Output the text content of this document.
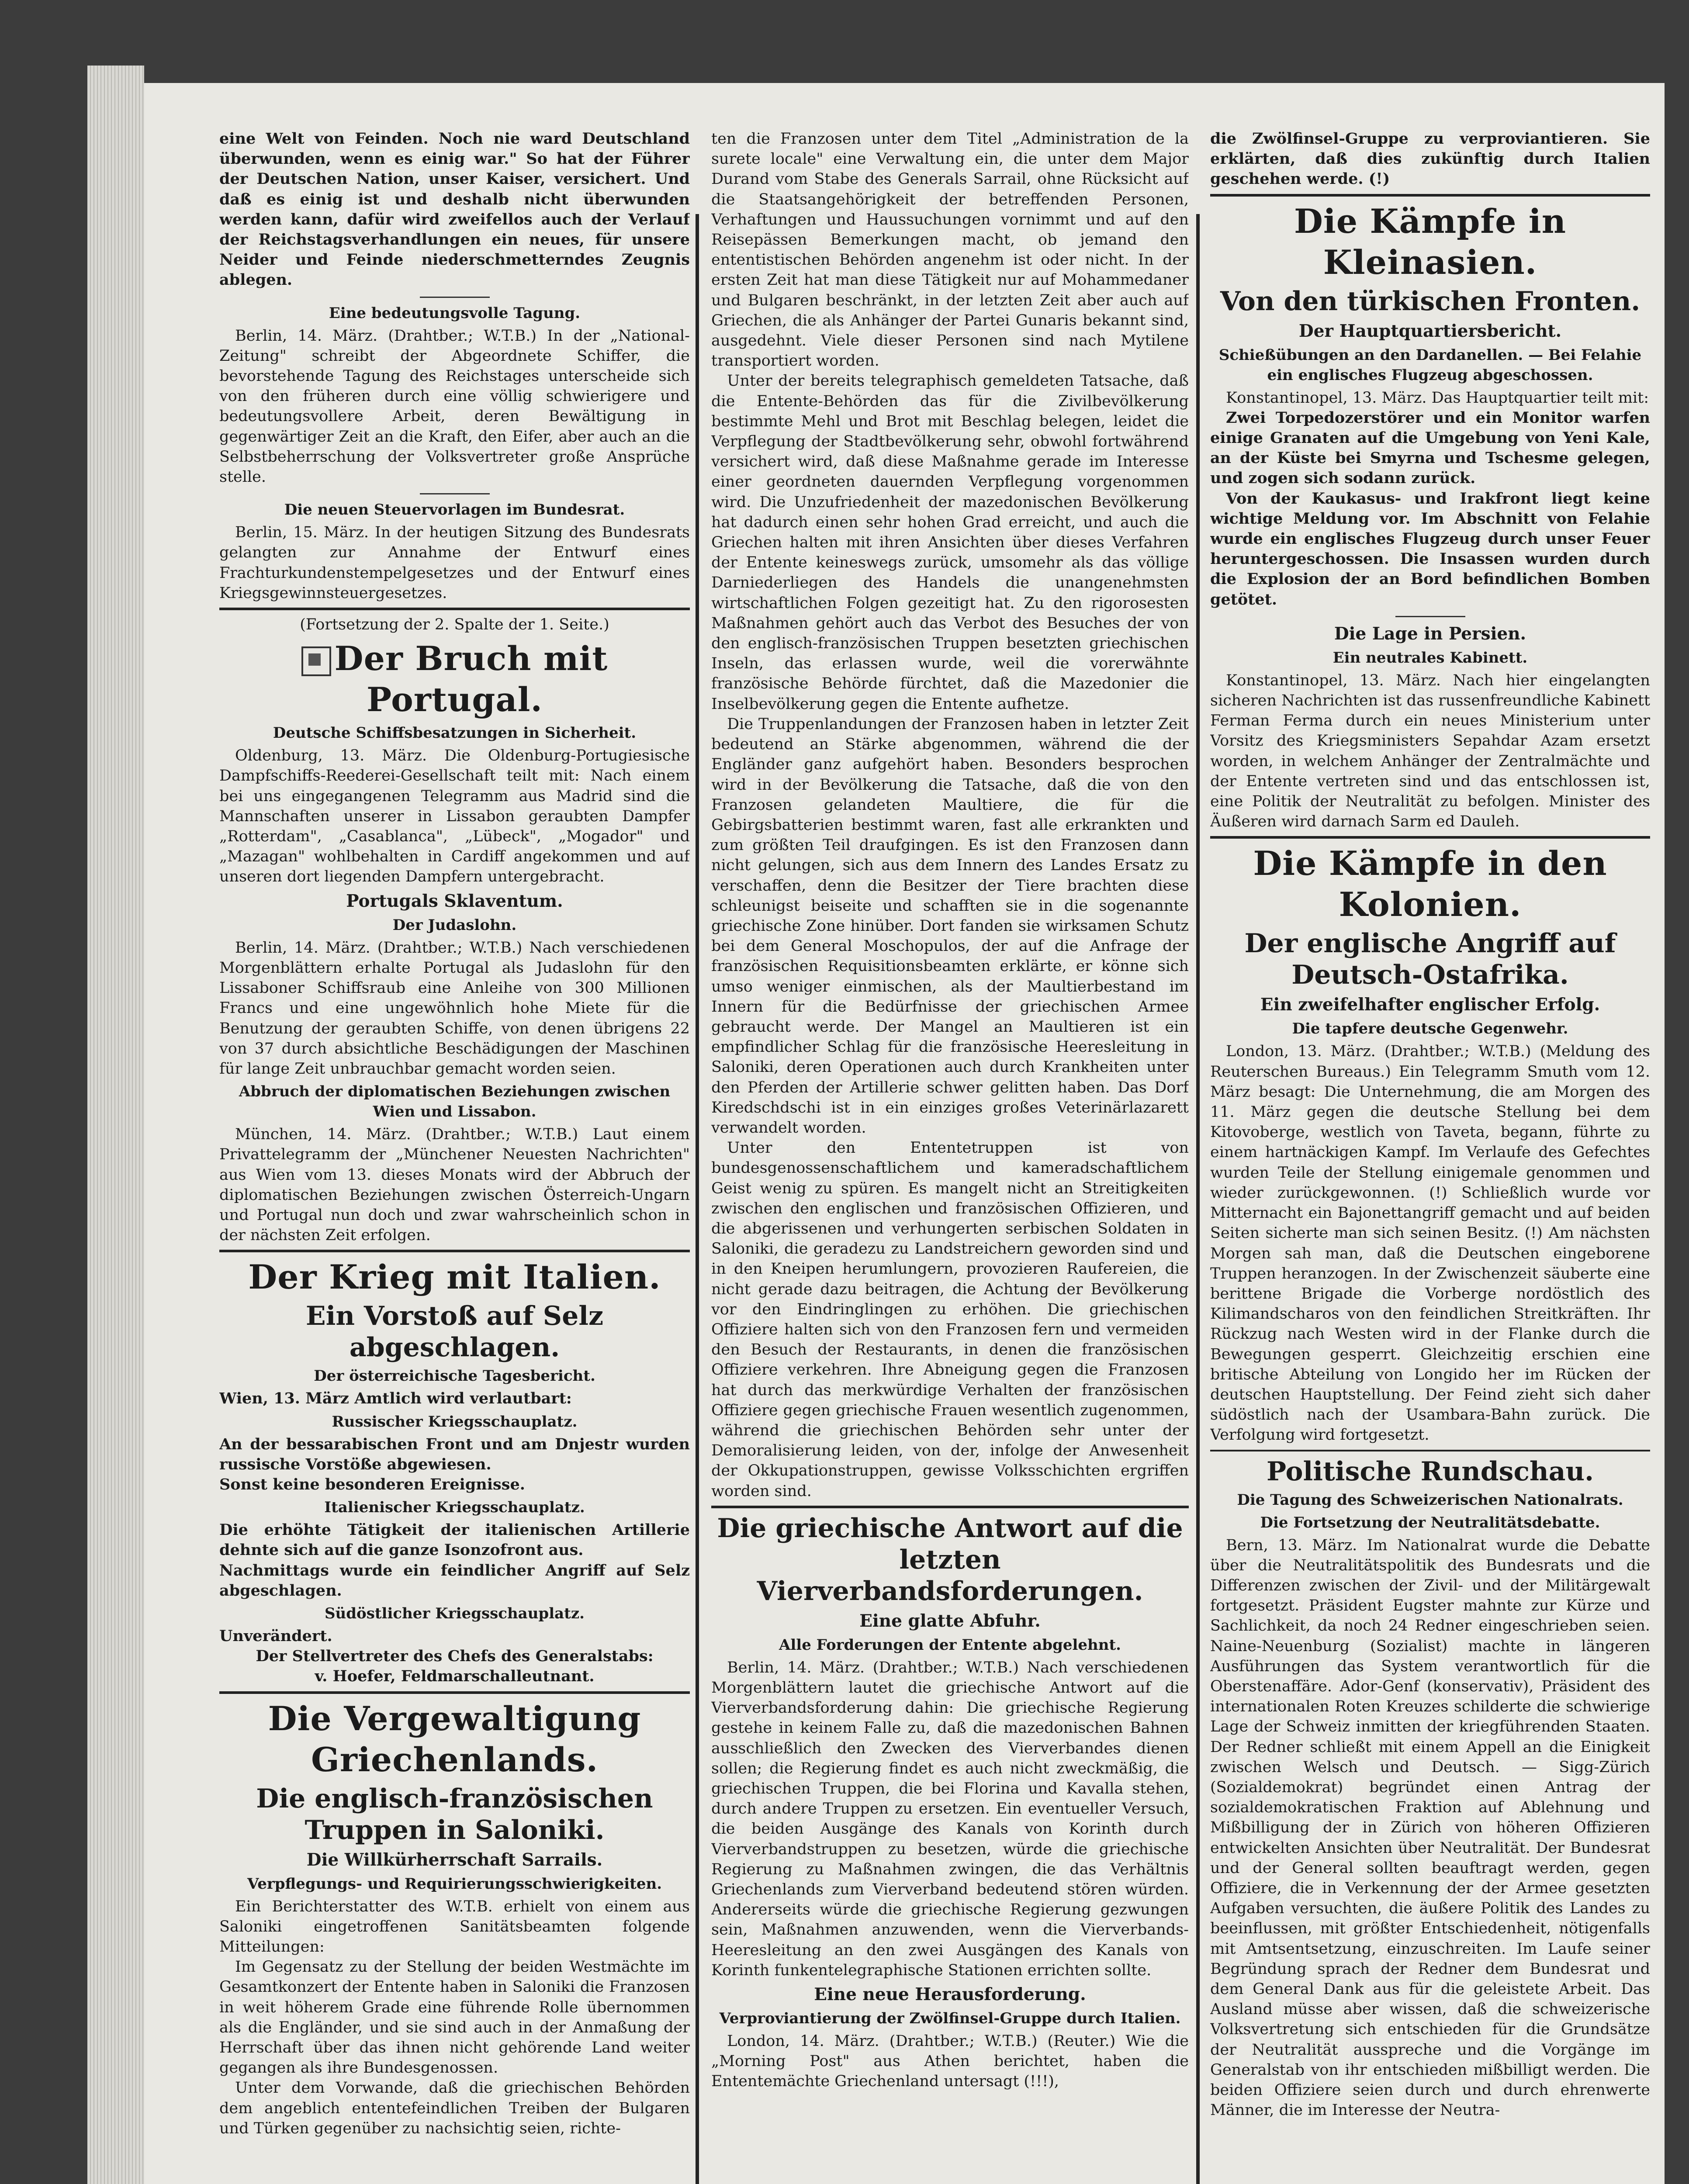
eine Welt von Feinden. Noch nie ward Deutschland überwunden, wenn es einig war." So hat der Führer der Deutschen Nation, unser Kaiser, versichert. Und daß es einig ist und deshalb nicht überwunden werden kann, dafür wird zweifellos auch der Verlauf der Reichstagsverhandlungen ein neues, für unsere Neider und Feinde niederschmetterndes Zeugnis ablegen.

Eine bedeutungsvolle Tagung.

Berlin, 14. März. (Drahtber.; W.T.B.) In der „National-Zeitung" schreibt der Abgeordnete Schiffer, die bevorstehende Tagung des Reichstages unterscheide sich von den früheren durch eine völlig schwierigere und bedeutungsvollere Arbeit, deren Bewältigung in gegenwärtiger Zeit an die Kraft, den Eifer, aber auch an die Selbstbeherrschung der Volksvertreter große Ansprüche stelle.

Die neuen Steuervorlagen im Bundesrat.

Berlin, 15. März. In der heutigen Sitzung des Bundesrats gelangten zur Annahme der Entwurf eines Frachturkundenstempelgesetzes und der Entwurf eines Kriegsgewinnsteuergesetzes.

(Fortsetzung der 2. Spalte der 1. Seite.)

Der Bruch mit Portugal.

Deutsche Schiffsbesatzungen in Sicherheit.

Oldenburg, 13. März. Die Oldenburg-Portugiesische Dampfschiffs-Reederei-Gesellschaft teilt mit: Nach einem bei uns eingegangenen Telegramm aus Madrid sind die Mannschaften unserer in Lissabon geraubten Dampfer „Rotterdam", „Casablanca", „Lübeck", „Mogador" und „Mazagan" wohlbehalten in Cardiff angekommen und auf unseren dort liegenden Dampfern untergebracht.

Portugals Sklaventum.

Der Judaslohn.

Berlin, 14. März. (Drahtber.; W.T.B.) Nach verschiedenen Morgenblättern erhalte Portugal als Judaslohn für den Lissaboner Schiffsraub eine Anleihe von 300 Millionen Francs und eine ungewöhnlich hohe Miete für die Benutzung der geraubten Schiffe, von denen übrigens 22 von 37 durch absichtliche Beschädigungen der Maschinen für lange Zeit unbrauchbar gemacht worden seien.

Abbruch der diplomatischen Beziehungen zwischen Wien und Lissabon.

München, 14. März. (Drahtber.; W.T.B.) Laut einem Privattelegramm der „Münchener Neuesten Nachrichten" aus Wien vom 13. dieses Monats wird der Abbruch der diplomatischen Beziehungen zwischen Österreich-Ungarn und Portugal nun doch und zwar wahrscheinlich schon in der nächsten Zeit erfolgen.

Der Krieg mit Italien.

Ein Vorstoß auf Selz abgeschlagen.

Der österreichische Tagesbericht.

Wien, 13. März Amtlich wird verlautbart:

Russischer Kriegsschauplatz.

An der bessarabischen Front und am Dnjestr wurden russische Vorstöße abgewiesen.

Sonst keine besonderen Ereignisse.

Italienischer Kriegsschauplatz.

Die erhöhte Tätigkeit der italienischen Artillerie dehnte sich auf die ganze Isonzofront aus.

Nachmittags wurde ein feindlicher Angriff auf Selz abgeschlagen.

Südöstlicher Kriegsschauplatz.

Unverändert.

Der Stellvertreter des Chefs des Generalstabs:

v. Hoefer, Feldmarschalleutnant.

Die Vergewaltigung Griechenlands.

Die englisch-französischen Truppen in Saloniki.

Die Willkürherrschaft Sarrails.

Verpflegungs- und Requirierungsschwierigkeiten.

Ein Berichterstatter des W.T.B. erhielt von einem aus Saloniki eingetroffenen Sanitätsbeamten folgende Mitteilungen:

Im Gegensatz zu der Stellung der beiden Westmächte im Gesamtkonzert der Entente haben in Saloniki die Franzosen in weit höherem Grade eine führende Rolle übernommen als die Engländer, und sie sind auch in der Anmaßung der Herrschaft über das ihnen nicht gehörende Land weiter gegangen als ihre Bundesgenossen.

Unter dem Vorwande, daß die griechischen Behörden dem angeblich ententefeindlichen Treiben der Bulgaren und Türken gegenüber zu nachsichtig seien, richte-

ten die Franzosen unter dem Titel „Administration de la surete locale" eine Verwaltung ein, die unter dem Major Durand vom Stabe des Generals Sarrail, ohne Rücksicht auf die Staatsangehörigkeit der betreffenden Personen, Verhaftungen und Haussuchungen vornimmt und auf den Reisepässen Bemerkungen macht, ob jemand den ententistischen Behörden angenehm ist oder nicht. In der ersten Zeit hat man diese Tätigkeit nur auf Mohammedaner und Bulgaren beschränkt, in der letzten Zeit aber auch auf Griechen, die als Anhänger der Partei Gunaris bekannt sind, ausgedehnt. Viele dieser Personen sind nach Mytilene transportiert worden.

Unter der bereits telegraphisch gemeldeten Tatsache, daß die Entente-Behörden das für die Zivilbevölkerung bestimmte Mehl und Brot mit Beschlag belegen, leidet die Verpflegung der Stadtbevölkerung sehr, obwohl fortwährend versichert wird, daß diese Maßnahme gerade im Interesse einer geordneten dauernden Verpflegung vorgenommen wird. Die Unzufriedenheit der mazedonischen Bevölkerung hat dadurch einen sehr hohen Grad erreicht, und auch die Griechen halten mit ihren Ansichten über dieses Verfahren der Entente keineswegs zurück, umsomehr als das völlige Darniederliegen des Handels die unangenehmsten wirtschaftlichen Folgen gezeitigt hat. Zu den rigorosesten Maßnahmen gehört auch das Verbot des Besuches der von den englisch-französischen Truppen besetzten griechischen Inseln, das erlassen wurde, weil die vorerwähnte französische Behörde fürchtet, daß die Mazedonier die Inselbevölkerung gegen die Entente aufhetze.

Die Truppenlandungen der Franzosen haben in letzter Zeit bedeutend an Stärke abgenommen, während die der Engländer ganz aufgehört haben. Besonders besprochen wird in der Bevölkerung die Tatsache, daß die von den Franzosen gelandeten Maultiere, die für die Gebirgsbatterien bestimmt waren, fast alle erkrankten und zum größten Teil draufgingen. Es ist den Franzosen dann nicht gelungen, sich aus dem Innern des Landes Ersatz zu verschaffen, denn die Besitzer der Tiere brachten diese schleunigst beiseite und schafften sie in die sogenannte griechische Zone hinüber. Dort fanden sie wirksamen Schutz bei dem General Moschopulos, der auf die Anfrage der französischen Requisitionsbeamten erklärte, er könne sich umso weniger einmischen, als der Maultierbestand im Innern für die Bedürfnisse der griechischen Armee gebraucht werde. Der Mangel an Maultieren ist ein empfindlicher Schlag für die französische Heeresleitung in Saloniki, deren Operationen auch durch Krankheiten unter den Pferden der Artillerie schwer gelitten haben. Das Dorf Kiredschdschi ist in ein einziges großes Veterinärlazarett verwandelt worden.

Unter den Ententetruppen ist von bundesgenossenschaftlichem und kameradschaftlichem Geist wenig zu spüren. Es mangelt nicht an Streitigkeiten zwischen den englischen und französischen Offizieren, und die abgerissenen und verhungerten serbischen Soldaten in Saloniki, die geradezu zu Landstreichern geworden sind und in den Kneipen herumlungern, provozieren Raufereien, die nicht gerade dazu beitragen, die Achtung der Bevölkerung vor den Eindringlingen zu erhöhen. Die griechischen Offiziere halten sich von den Franzosen fern und vermeiden den Besuch der Restaurants, in denen die französischen Offiziere verkehren. Ihre Abneigung gegen die Franzosen hat durch das merkwürdige Verhalten der französischen Offiziere gegen griechische Frauen wesentlich zugenommen, während die griechischen Behörden sehr unter der Demoralisierung leiden, von der, infolge der Anwesenheit der Okkupationstruppen, gewisse Volksschichten ergriffen worden sind.

Die griechische Antwort auf die letzten Vierverbandsforderungen.

Eine glatte Abfuhr.

Alle Forderungen der Entente abgelehnt.

Berlin, 14. März. (Drahtber.; W.T.B.) Nach verschiedenen Morgenblättern lautet die griechische Antwort auf die Vierverbandsforderung dahin: Die griechische Regierung gestehe in keinem Falle zu, daß die mazedonischen Bahnen ausschließlich den Zwecken des Vierverbandes dienen sollen; die Regierung findet es auch nicht zweckmäßig, die griechischen Truppen, die bei Florina und Kavalla stehen, durch andere Truppen zu ersetzen. Ein eventueller Versuch, die beiden Ausgänge des Kanals von Korinth durch Vierverbandstruppen zu besetzen, würde die griechische Regierung zu Maßnahmen zwingen, die das Verhältnis Griechenlands zum Vierverband bedeutend stören würden. Andererseits würde die griechische Regierung gezwungen sein, Maßnahmen anzuwenden, wenn die Vierverbands-Heeresleitung an den zwei Ausgängen des Kanals von Korinth funkentelegraphische Stationen errichten sollte.

Eine neue Herausforderung.

Verproviantierung der Zwölfinsel-Gruppe durch Italien.

London, 14. März. (Drahtber.; W.T.B.) (Reuter.) Wie die „Morning Post" aus Athen berichtet, haben die Ententemächte Griechenland untersagt (!!!),

die Zwölfinsel-Gruppe zu verproviantieren. Sie erklärten, daß dies zukünftig durch Italien geschehen werde. (!)

Die Kämpfe in Kleinasien.

Von den türkischen Fronten.

Der Hauptquartiersbericht.

Schießübungen an den Dardanellen. — Bei Felahie ein englisches Flugzeug abgeschossen.

Konstantinopel, 13. März. Das Hauptquartier teilt mit:

Zwei Torpedozerstörer und ein Monitor warfen einige Granaten auf die Umgebung von Yeni Kale, an der Küste bei Smyrna und Tschesme gelegen, und zogen sich sodann zurück.

Von der Kaukasus- und Irakfront liegt keine wichtige Meldung vor. Im Abschnitt von Felahie wurde ein englisches Flugzeug durch unser Feuer heruntergeschossen. Die Insassen wurden durch die Explosion der an Bord befindlichen Bomben getötet.

Die Lage in Persien.

Ein neutrales Kabinett.

Konstantinopel, 13. März. Nach hier eingelangten sicheren Nachrichten ist das russenfreundliche Kabinett Ferman Ferma durch ein neues Ministerium unter Vorsitz des Kriegsministers Sepahdar Azam ersetzt worden, in welchem Anhänger der Zentralmächte und der Entente vertreten sind und das entschlossen ist, eine Politik der Neutralität zu befolgen. Minister des Äußeren wird darnach Sarm ed Dauleh.

Die Kämpfe in den Kolonien.

Der englische Angriff auf Deutsch-Ostafrika.

Ein zweifelhafter englischer Erfolg.

Die tapfere deutsche Gegenwehr.

London, 13. März. (Drahtber.; W.T.B.) (Meldung des Reuterschen Bureaus.) Ein Telegramm Smuth vom 12. März besagt: Die Unternehmung, die am Morgen des 11. März gegen die deutsche Stellung bei dem Kitovoberge, westlich von Taveta, begann, führte zu einem hartnäckigen Kampf. Im Verlaufe des Gefechtes wurden Teile der Stellung einigemale genommen und wieder zurückgewonnen. (!) Schließlich wurde vor Mitternacht ein Bajonettangriff gemacht und auf beiden Seiten sicherte man sich seinen Besitz. (!) Am nächsten Morgen sah man, daß die Deutschen eingeborene Truppen heranzogen. In der Zwischenzeit säuberte eine berittene Brigade die Vorberge nordöstlich des Kilimandscharos von den feindlichen Streitkräften. Ihr Rückzug nach Westen wird in der Flanke durch die Bewegungen gesperrt. Gleichzeitig erschien eine britische Abteilung von Longido her im Rücken der deutschen Hauptstellung. Der Feind zieht sich daher südöstlich nach der Usambara-Bahn zurück. Die Verfolgung wird fortgesetzt.

Politische Rundschau.

Die Tagung des Schweizerischen Nationalrats.

Die Fortsetzung der Neutralitätsdebatte.

Bern, 13. März. Im Nationalrat wurde die Debatte über die Neutralitätspolitik des Bundesrats und die Differenzen zwischen der Zivil- und der Militärgewalt fortgesetzt. Präsident Eugster mahnte zur Kürze und Sachlichkeit, da noch 24 Redner eingeschrieben seien. Naine-Neuenburg (Sozialist) machte in längeren Ausführungen das System verantwortlich für die Oberstenaffäre. Ador-Genf (konservativ), Präsident des internationalen Roten Kreuzes schilderte die schwierige Lage der Schweiz inmitten der kriegführenden Staaten. Der Redner schließt mit einem Appell an die Einigkeit zwischen Welsch und Deutsch. — Sigg-Zürich (Sozialdemokrat) begründet einen Antrag der sozialdemokratischen Fraktion auf Ablehnung und Mißbilligung der in Zürich von höheren Offizieren entwickelten Ansichten über Neutralität. Der Bundesrat und der General sollten beauftragt werden, gegen Offiziere, die in Verkennung der der Armee gesetzten Aufgaben versuchten, die äußere Politik des Landes zu beeinflussen, mit größter Entschiedenheit, nötigenfalls mit Amtsentsetzung, einzuschreiten. Im Laufe seiner Begründung sprach der Redner dem Bundesrat und dem General Dank aus für die geleistete Arbeit. Das Ausland müsse aber wissen, daß die schweizerische Volksvertretung sich entschieden für die Grundsätze der Neutralität ausspreche und die Vorgänge im Generalstab von ihr entschieden mißbilligt werden. Die beiden Offiziere seien durch und durch ehrenwerte Männer, die im Interesse der Neutra-
